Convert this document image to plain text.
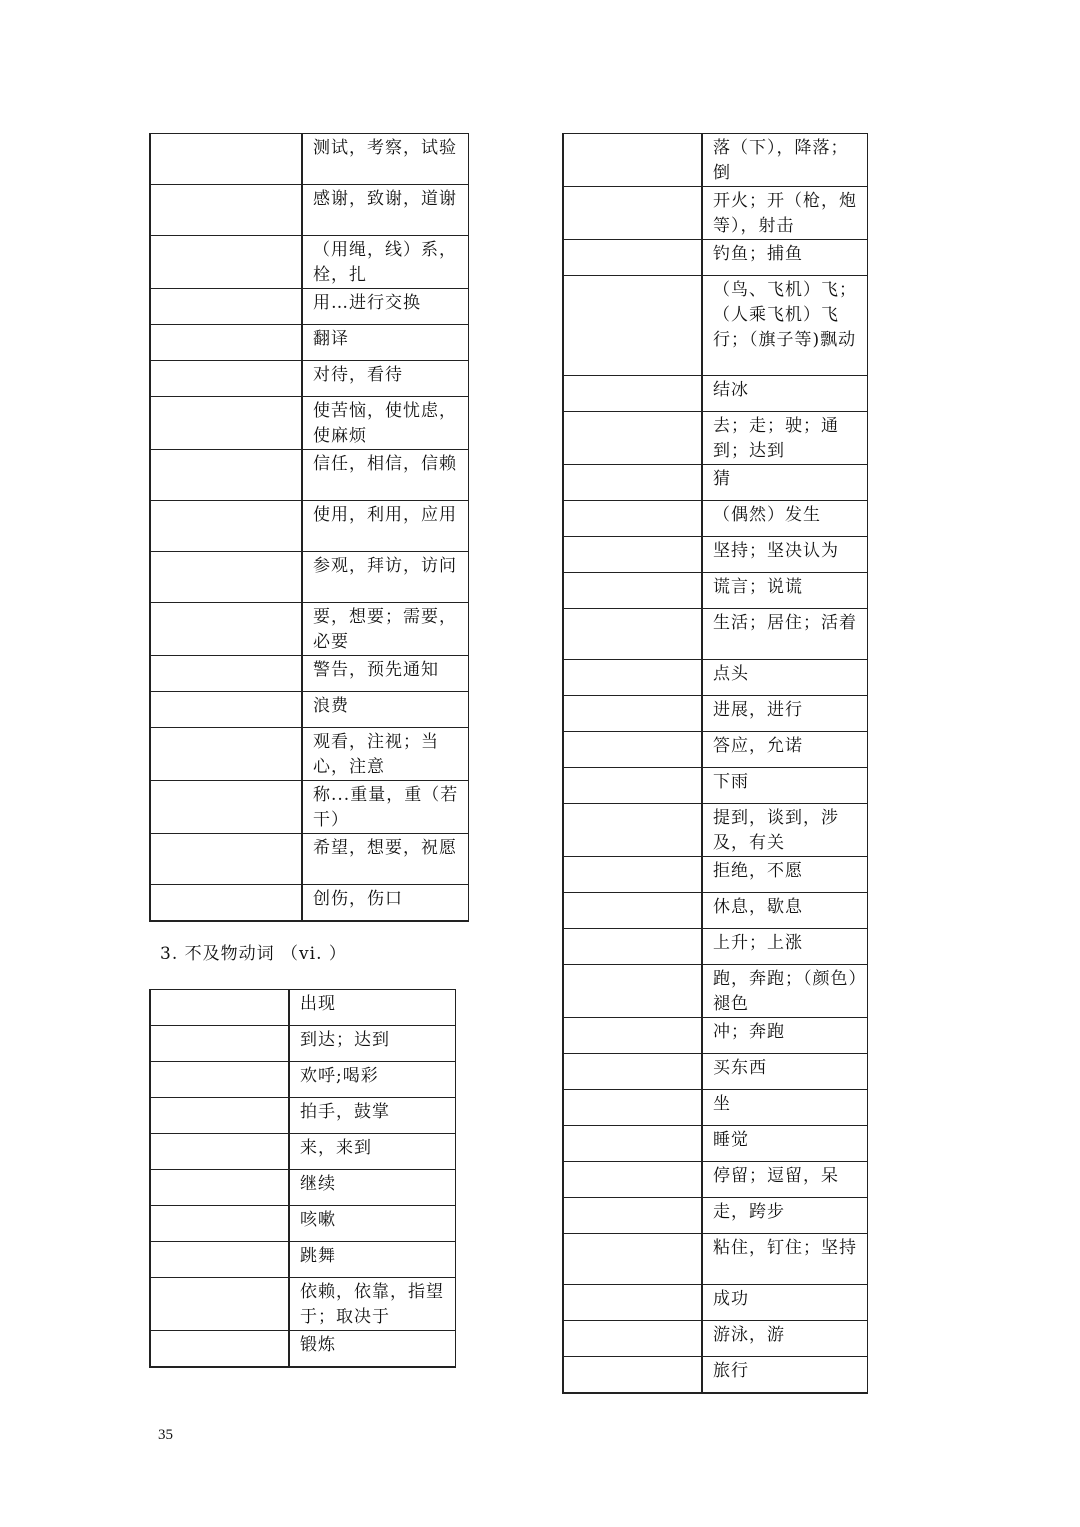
	测试，考察，试验
	感谢，致谢，道谢
	（用绳，线）系，栓，扎
	用…进行交换
	翻译
	对待，看待
	使苦恼，使忧虑，使麻烦
	信任，相信，信赖
	使用，利用，应用
	参观，拜访，访问
	要，想要；需要，必要
	警告，预先通知
	浪费
	观看，注视；当心，注意
	称...重量，重（若干）
	希望，想要，祝愿
	创伤，伤口
3. 不及物动词 （vi. ）
	出现
	到达；达到
	欢呼;喝彩
	拍手，鼓掌
	来，来到
	继续
	咳嗽
	跳舞
	依赖，依靠，指望于；取决于
	锻炼
	落（下），降落；倒
	开火；开（枪，炮等），射击
	钓鱼；捕鱼
	（鸟、飞机）飞；（人乘飞机）飞行；（旗子等)飘动
	结冰
	去；走；驶；通到；达到
	猜
	（偶然）发生
	坚持；坚决认为
	谎言；说谎
	生活；居住；活着
	点头
	进展，进行
	答应，允诺
	下雨
	提到，谈到，涉及，有关
	拒绝，不愿
	休息，歇息
	上升；上涨
	跑，奔跑；（颜色）褪色
	冲；奔跑
	买东西
	坐
	睡觉
	停留；逗留，呆
	走，跨步
	粘住，钉住；坚持
	成功
	游泳，游
	旅行
35
